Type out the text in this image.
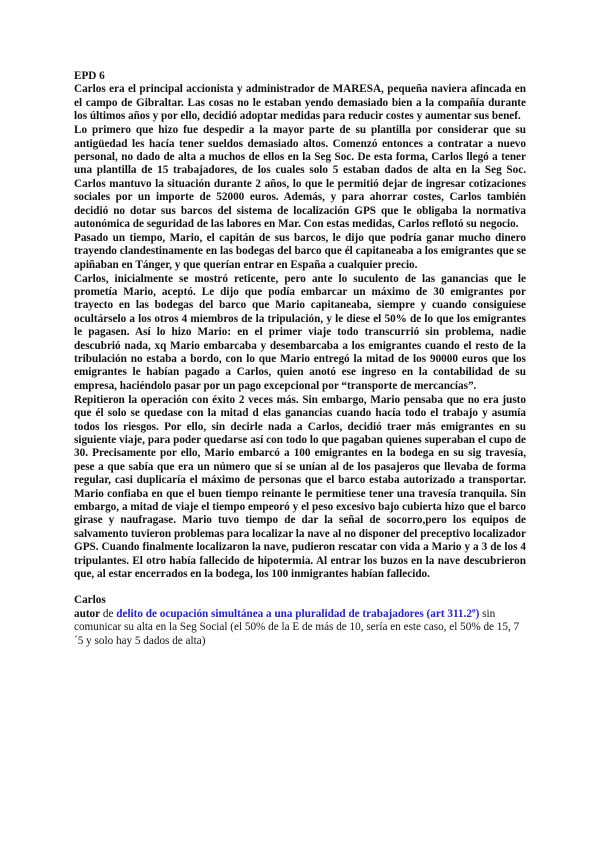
EPD 6

Carlos era el principal accionista y administrador de MARESA, pequeña naviera afincada en el campo de Gibraltar. Las cosas no le estaban yendo demasiado bien a la compañía durante los últimos años y por ello, decidió adoptar medidas para reducir costes y aumentar sus benef.

Lo primero que hizo fue despedir a la mayor parte de su plantilla por considerar que su antigüedad les hacía tener sueldos demasiado altos. Comenzó entonces a contratar a nuevo personal, no dado de alta a muchos de ellos en la Seg Soc. De esta forma, Carlos llegó a tener una plantilla de 15 trabajadores, de los cuales solo 5 estaban dados de alta en la Seg Soc. Carlos mantuvo la situación durante 2 años, lo que le permitió dejar de ingresar cotizaciones sociales por un importe de 52000 euros. Además, y para ahorrar costes, Carlos también decidió no dotar sus barcos del sistema de localización GPS que le obligaba la normativa autonómica de seguridad de las labores en Mar. Con estas medidas, Carlos reflotó su negocio.

Pasado un tiempo, Mario, el capitán de sus barcos, le dijo que podría ganar mucho dinero trayendo clandestinamente en las bodegas del barco que él capitaneaba a los emigrantes que se apiñaban en Tánger, y que querían entrar en España a cualquier precio.

Carlos, inicialmente se mostró reticente, pero ante lo suculento de las ganancias que le prometía Mario, aceptó. Le dijo que podía embarcar un máximo de 30 emigrantes por trayecto en las bodegas del barco que Mario capitaneaba, siempre y cuando consiguiese ocultárselo a los otros 4 miembros de la tripulación, y le diese el 50% de lo que los emigrantes le pagasen. Así lo hizo Mario: en el primer viaje todo transcurrió sin problema, nadie descubrió nada, xq Mario embarcaba y desembarcaba a los emigrantes cuando el resto de la tribulación no estaba a bordo, con lo que Mario entregó la mitad de los 90000 euros que los emigrantes le habían pagado a Carlos, quien anotó ese ingreso en la contabilidad de su empresa, haciéndolo pasar por un pago excepcional por “transporte de mercancías”.

Repitieron la operación con éxito 2 veces más. Sin embargo, Mario pensaba que no era justo que él solo se quedase con la mitad d elas ganancias cuando hacía todo el trabajo y asumía todos los riesgos. Por ello, sin decirle nada a Carlos, decidió traer más emigrantes en su siguiente viaje, para poder quedarse así con todo lo que pagaban quienes superaban el cupo de 30. Precisamente por ello, Mario embarcó a 100 emigrantes en la bodega en su sig travesía, pese a que sabía que era un número que si se unían al de los pasajeros que llevaba de forma regular, casi duplicaría el máximo de personas que el barco estaba autorizado a transportar. Mario confiaba en que el buen tiempo reinante le permitiese tener una travesía tranquila. Sin embargo, a mitad de viaje el tiempo empeoró y el peso excesivo bajo cubierta hizo que el barco girase y naufragase. Mario tuvo tiempo de dar la señal de socorro,pero los equipos de salvamento tuvieron problemas para localizar la nave al no disponer del preceptivo localizador GPS. Cuando finalmente localizaron la nave, pudieron rescatar con vida a Mario y a 3 de los 4 tripulantes. El otro había fallecido de hipotermia. Al entrar los buzos en la nave descubrieron que, al estar encerrados en la bodega, los 100 inmigrantes habían fallecido.

Carlos

autor de delito de ocupación simultánea a una pluralidad de trabajadores (art 311.2º) sin comunicar su alta en la Seg Social (el 50% de la E de más de 10, sería en este caso, el 50% de 15, 7´5 y solo hay 5 dados de alta)
